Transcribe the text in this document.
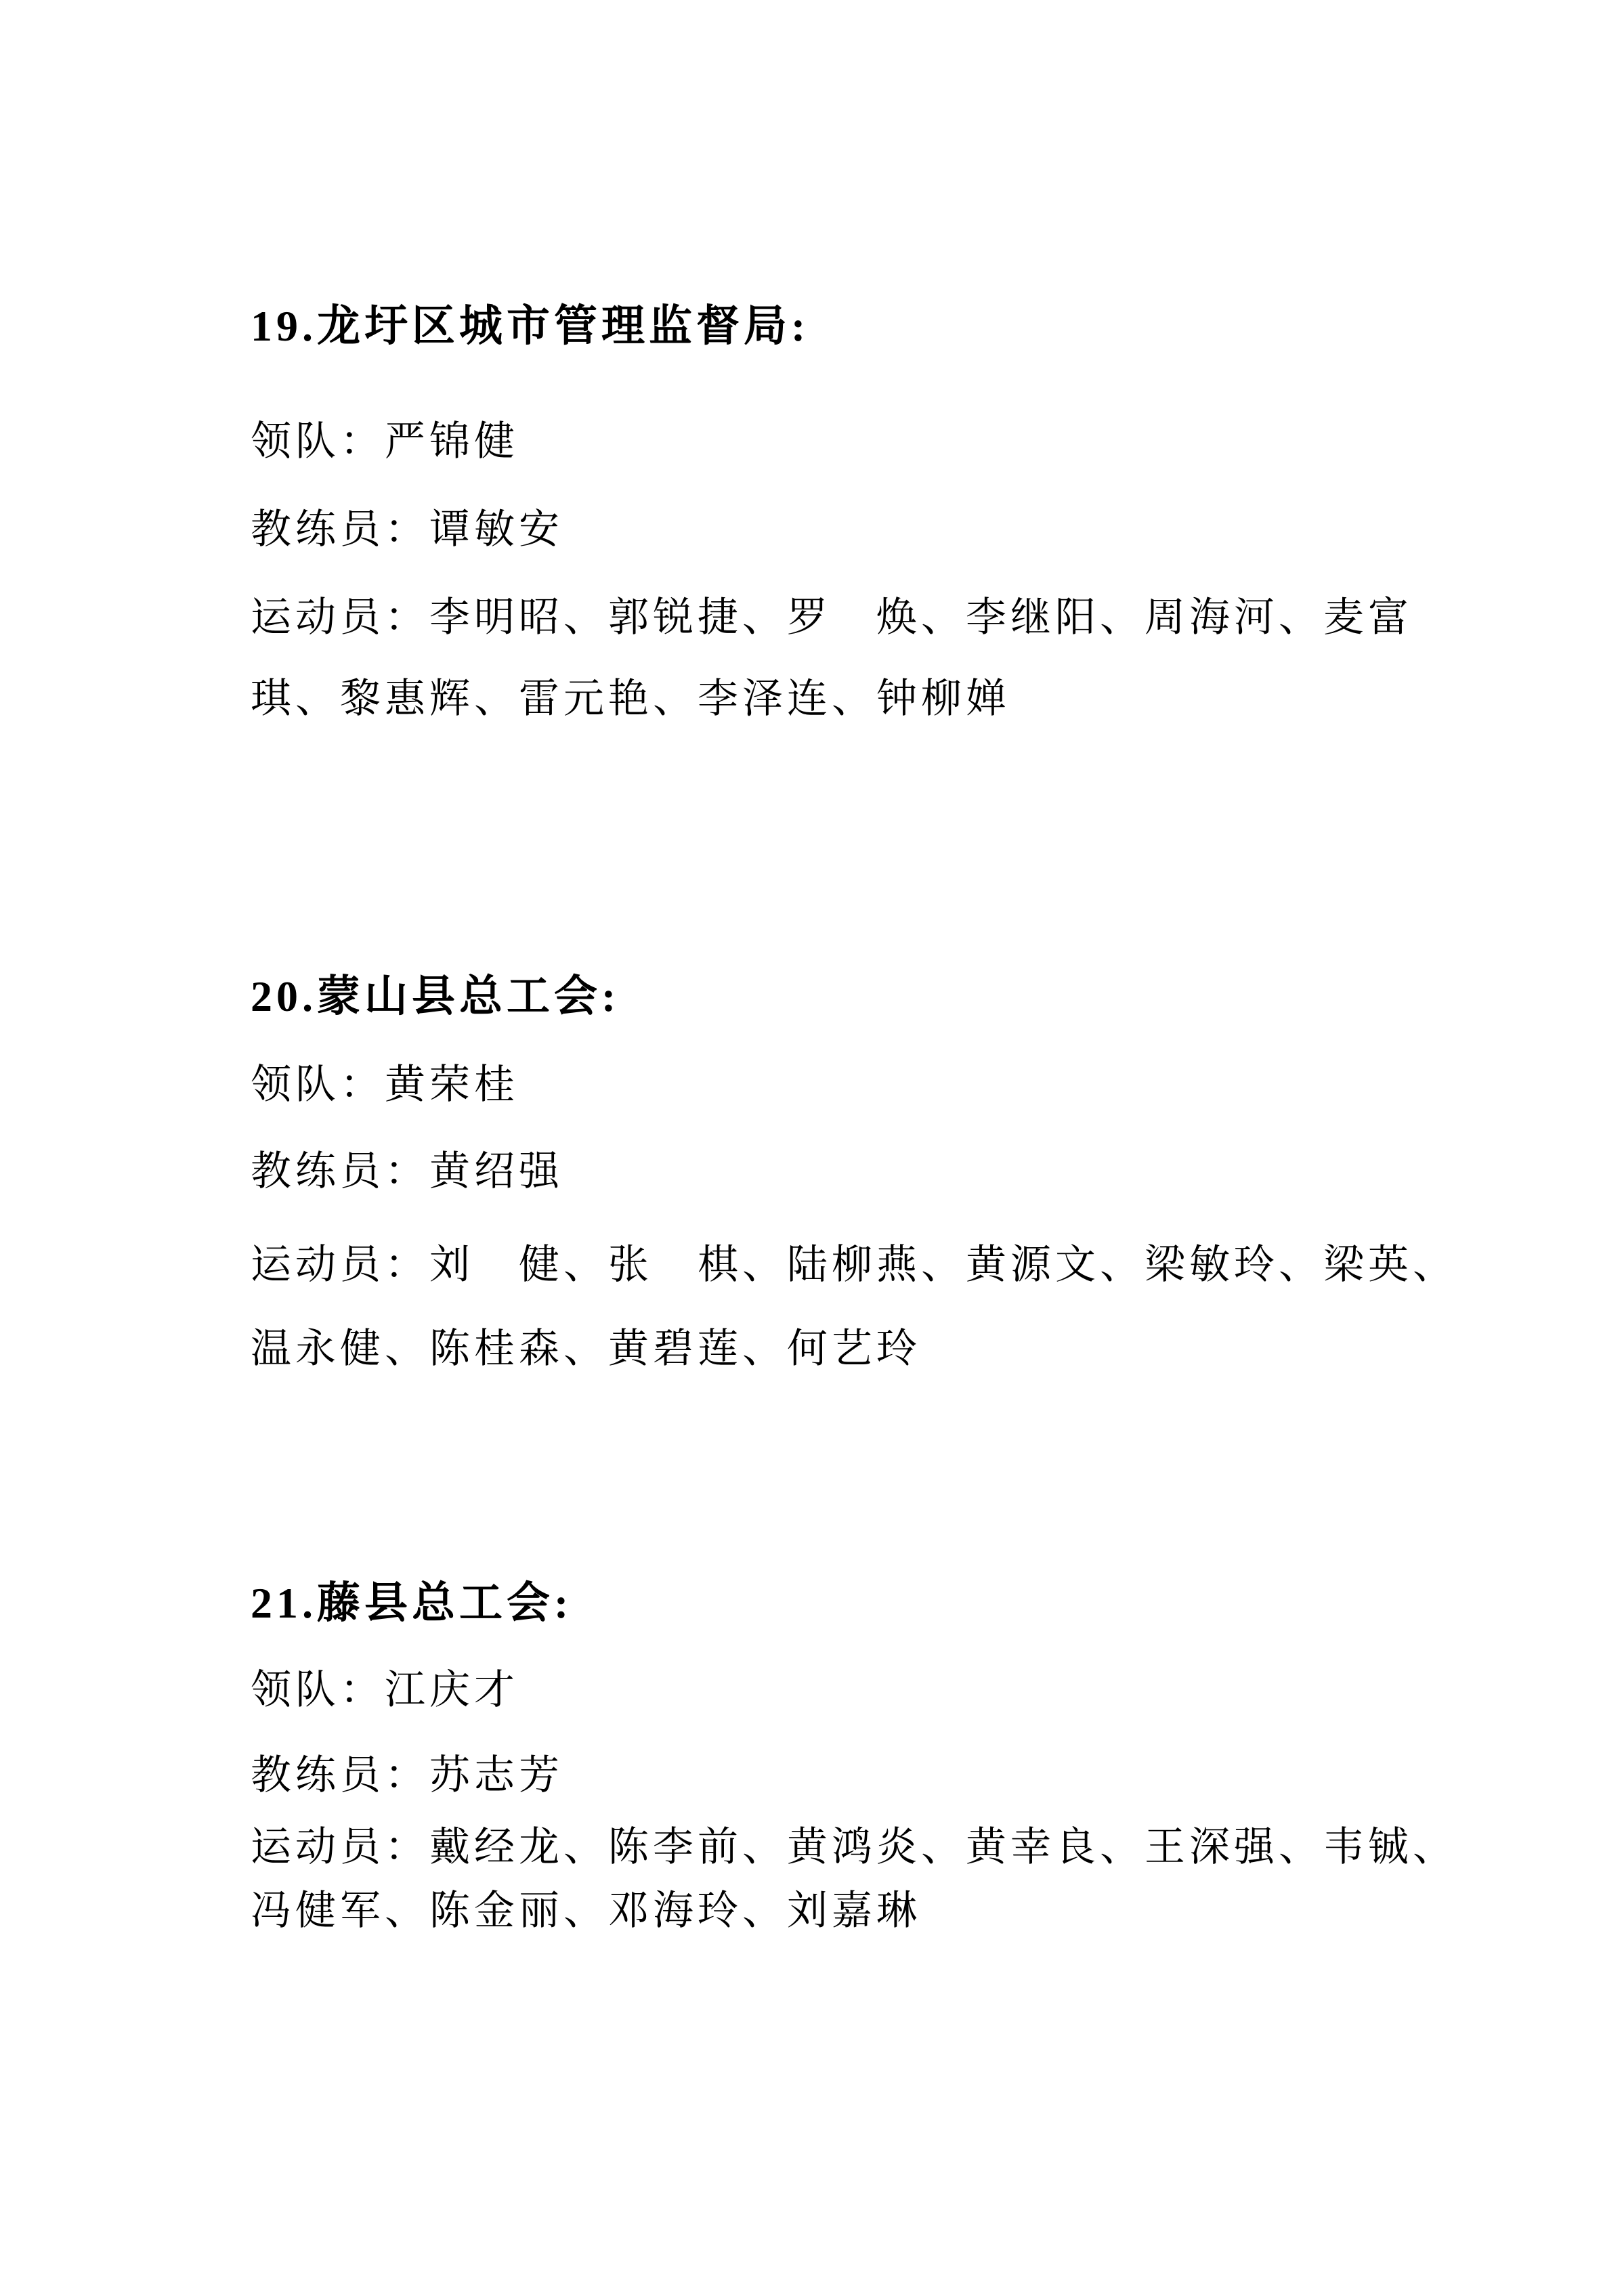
19.龙圩区城市管理监督局:
领队：严锦健
教练员：谭敏安
运动员：李明昭、郭锐捷、罗　焕、李继阳、周海河、麦富
琪、黎惠辉、雷元艳、李泽连、钟柳婵
20.蒙山县总工会:
领队：黄荣桂
教练员：黄绍强
运动员：刘　健、张　棋、陆柳燕、黄源文、梁敏玲、梁英、
温永健、陈桂森、黄碧莲、何艺玲
21.藤县总工会:
领队：江庆才
教练员：苏志芳
运动员：戴经龙、陈李前、黄鸿炎、黄幸良、王深强、韦铖、
冯健军、陈金丽、邓海玲、刘嘉琳
